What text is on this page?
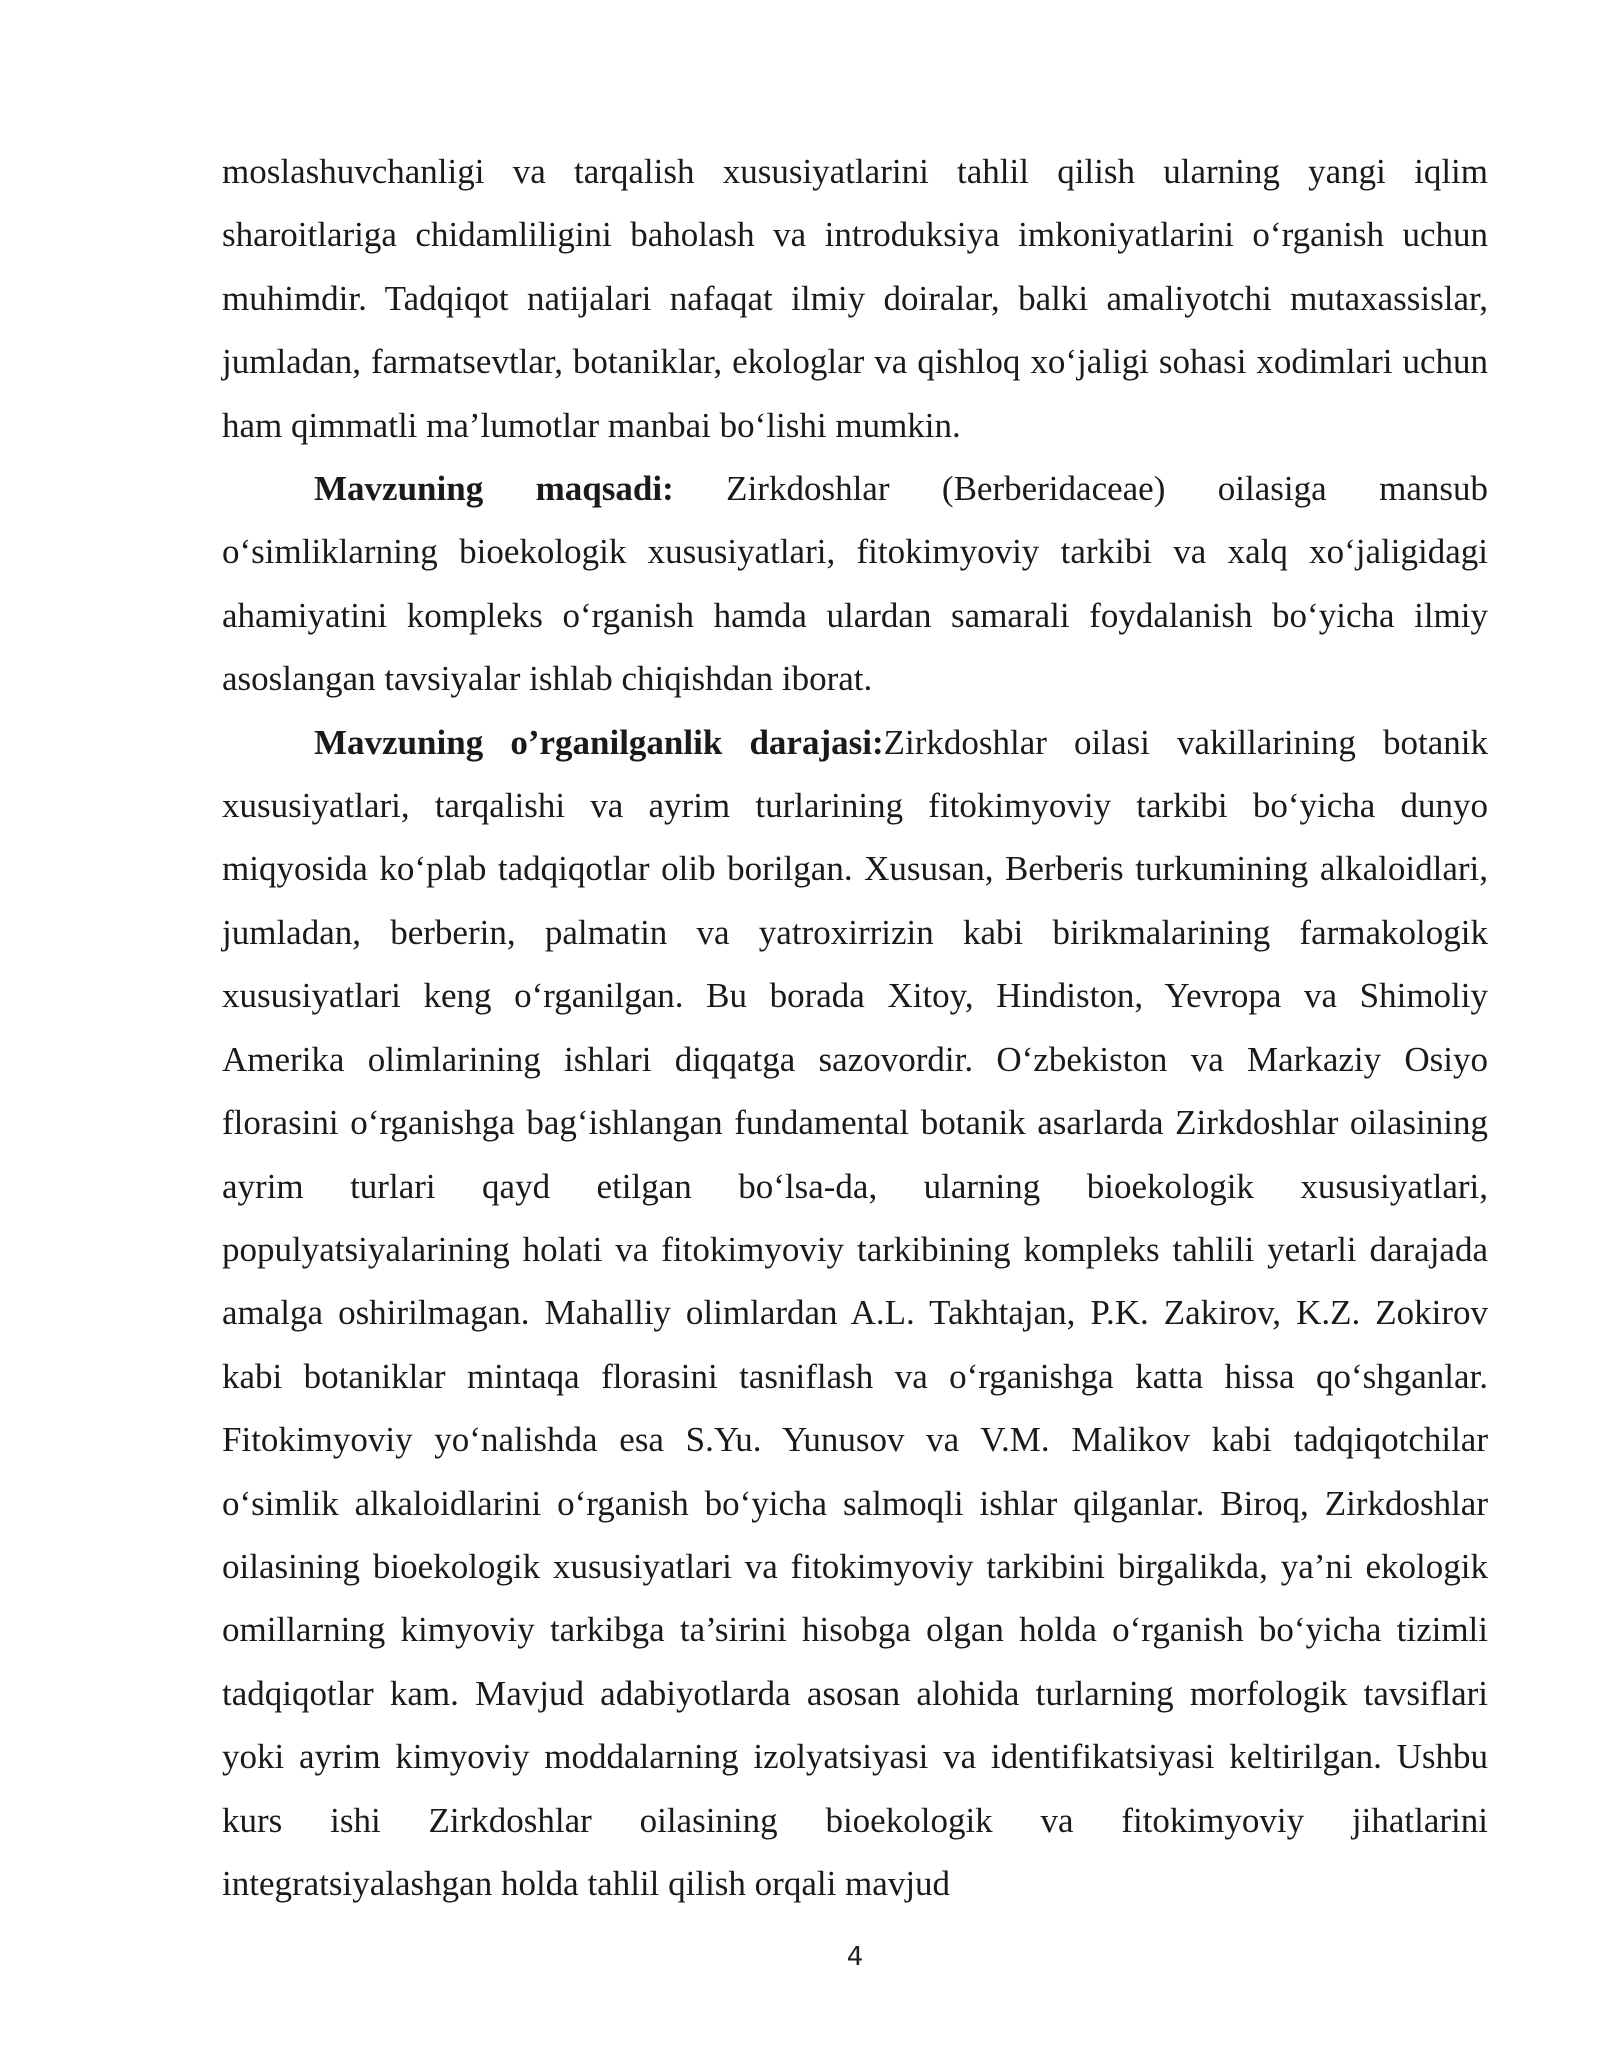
moslashuvchanligi va tarqalish xususiyatlarini tahlil qilish ularning yangi iqlim sharoitlariga chidamliligini baholash va introduksiya imkoniyatlarini o‘rganish uchun muhimdir. Tadqiqot natijalari nafaqat ilmiy doiralar, balki amaliyotchi mutaxassislar, jumladan, farmatsevtlar, botaniklar, ekologlar va qishloq xo‘jaligi sohasi xodimlari uchun ham qimmatli ma’lumotlar manbai bo‘lishi mumkin.

Mavzuning maqsadi: Zirkdoshlar (Berberidaceae) oilasiga mansub o‘simliklarning bioekologik xususiyatlari, fitokimyoviy tarkibi va xalq xo‘jaligidagi ahamiyatini kompleks o‘rganish hamda ulardan samarali foydalanish bo‘yicha ilmiy asoslangan tavsiyalar ishlab chiqishdan iborat.

Mavzuning o’rganilganlik darajasi:Zirkdoshlar oilasi vakillarining botanik xususiyatlari, tarqalishi va ayrim turlarining fitokimyoviy tarkibi bo‘yicha dunyo miqyosida ko‘plab tadqiqotlar olib borilgan. Xususan, Berberis turkumining alkaloidlari, jumladan, berberin, palmatin va yatroxirrizin kabi birikmalarining farmakologik xususiyatlari keng o‘rganilgan. Bu borada Xitoy, Hindiston, Yevropa va Shimoliy Amerika olimlarining ishlari diqqatga sazovordir. O‘zbekiston va Markaziy Osiyo florasini o‘rganishga bag‘ishlangan fundamental botanik asarlarda Zirkdoshlar oilasining ayrim turlari qayd etilgan bo‘lsa-da, ularning bioekologik xususiyatlari, populyatsiyalarining holati va fitokimyoviy tarkibining kompleks tahlili yetarli darajada amalga oshirilmagan. Mahalliy olimlardan A.L. Takhtajan, P.K. Zakirov, K.Z. Zokirov kabi botaniklar mintaqa florasini tasniflash va o‘rganishga katta hissa qo‘shganlar. Fitokimyoviy yo‘nalishda esa S.Yu. Yunusov va V.M. Malikov kabi tadqiqotchilar o‘simlik alkaloidlarini o‘rganish bo‘yicha salmoqli ishlar qilganlar. Biroq, Zirkdoshlar oilasining bioekologik xususiyatlari va fitokimyoviy tarkibini birgalikda, ya’ni ekologik omillarning kimyoviy tarkibga ta’sirini hisobga olgan holda o‘rganish bo‘yicha tizimli tadqiqotlar kam. Mavjud adabiyotlarda asosan alohida turlarning morfologik tavsiflari yoki ayrim kimyoviy moddalarning izolyatsiyasi va identifikatsiyasi keltirilgan. Ushbu kurs ishi Zirkdoshlar oilasining bioekologik va fitokimyoviy jihatlarini integratsiyalashgan holda tahlil qilish orqali mavjud

4
